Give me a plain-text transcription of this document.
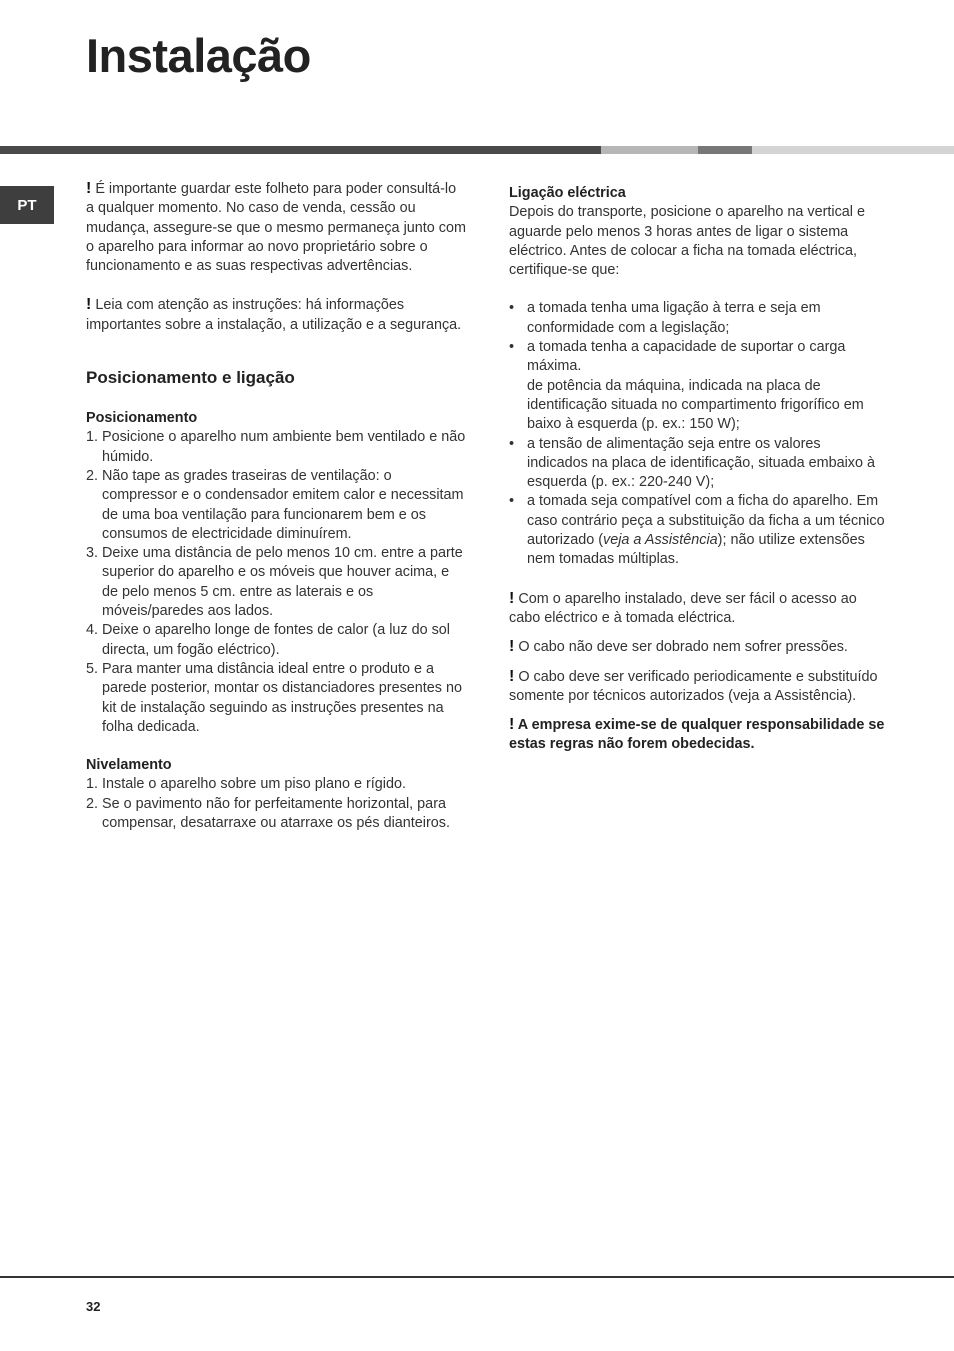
Instalação
PT

! É importante guardar este folheto para poder consultá-lo a qualquer momento. No caso de venda, cessão ou mudança, assegure-se que o mesmo permaneça junto com o aparelho para informar ao novo proprietário sobre o funcionamento e as suas respectivas advertências.

! Leia com atenção as instruções: há informações importantes sobre a instalação, a utilização e a segurança.

Posicionamento e ligação

Posicionamento

1. Posicione o aparelho num ambiente bem ventilado e não húmido.
2. Não tape as grades traseiras de ventilação: o compressor e o condensador emitem calor e necessitam de uma boa ventilação para funcionarem bem e os consumos de electricidade diminuírem.
3. Deixe uma distância de pelo menos 10 cm. entre a parte superior do aparelho e os móveis que houver acima, e de pelo menos 5 cm. entre as laterais e os móveis/paredes aos lados.
4. Deixe o aparelho longe de fontes de calor (a luz do sol directa, um fogão eléctrico).
5. Para manter uma distância ideal entre o produto e a parede posterior, montar os distanciadores presentes no kit de instalação seguindo as instruções presentes na folha dedicada.

Nivelamento

1. Instale o aparelho sobre um piso plano e rígido.
2. Se o pavimento não for perfeitamente horizontal, para compensar, desatarraxe ou atarraxe os pés dianteiros.

Ligação eléctrica

Depois do transporte, posicione o aparelho na vertical e aguarde pelo menos 3 horas antes de ligar o sistema eléctrico. Antes de colocar a ficha na tomada eléctrica, certifique-se que:

• a tomada tenha uma ligação à terra e seja em conformidade com a legislação;
• a tomada tenha a capacidade de suportar o carga máxima.
de potência da máquina, indicada na placa de identificação situada no compartimento frigorífico em baixo à esquerda (p. ex.: 150 W);
• a tensão de alimentação seja entre os valores indicados na placa de identificação, situada embaixo à esquerda (p. ex.: 220-240 V);
• a tomada seja compatível com a ficha do aparelho. Em caso contrário peça a substituição da ficha a um técnico autorizado (veja a Assistência); não utilize extensões nem tomadas múltiplas.

! Com o aparelho instalado, deve ser fácil o acesso ao cabo eléctrico e à tomada eléctrica.

! O cabo não deve ser dobrado nem sofrer pressões.

! O cabo deve ser verificado periodicamente e substituído somente por técnicos autorizados (veja a Assistência).

! A empresa exime-se de qualquer responsabilidade se estas regras não forem obedecidas.

32
